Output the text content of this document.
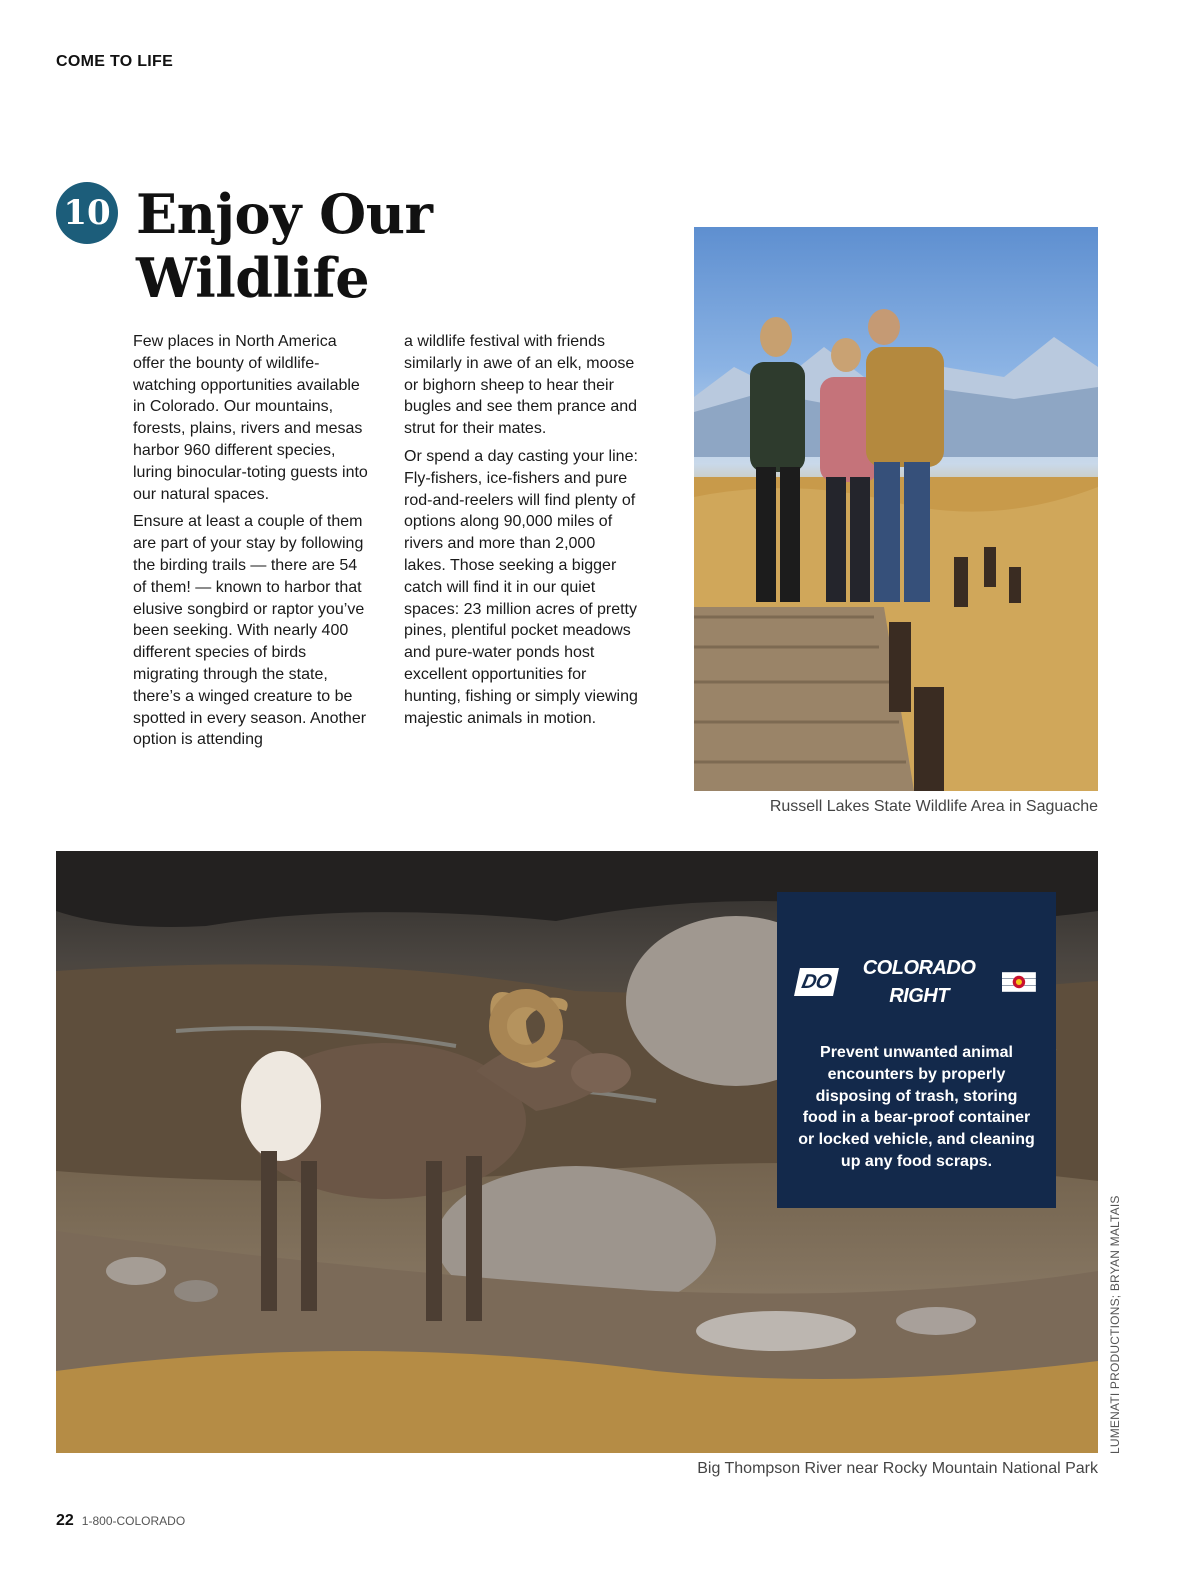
COME TO LIFE
10 Enjoy Our
Wildlife

Few places in North America offer the bounty of wildlife-watching opportunities available in Colorado. Our mountains, forests, plains, rivers and mesas harbor 960 different species, luring binocular-toting guests into our natural spaces.

Ensure at least a couple of them are part of your stay by following the birding trails — there are 54 of them! — known to harbor that elusive songbird or raptor you’ve been seeking. With nearly 400 different species of birds migrating through the state, there’s a winged creature to be spotted in every season. Another option is attending

a wildlife festival with friends similarly in awe of an elk, moose or bighorn sheep to hear their bugles and see them prance and strut for their mates.

Or spend a day casting your line: Fly-fishers, ice-fishers and pure rod-and-reelers will find plenty of options along 90,000 miles of rivers and more than 2,000 lakes. Those seeking a bigger catch will find it in our quiet spaces: 23 million acres of pretty pines, plentiful pocket meadows and pure-water ponds host excellent opportunities for hunting, fishing or simply viewing majestic animals in motion.

Russell Lakes State Wildlife Area in Saguache
Big Thompson River near Rocky Mountain National Park
DO
COLORADO RIGHT
Prevent unwanted animal encounters by properly disposing of trash, storing food in a bear-proof container or locked vehicle, and cleaning up any food scraps.
LUMENATI PRODUCTIONS; BRYAN MALTAIS
22 1-800-COLORADO
